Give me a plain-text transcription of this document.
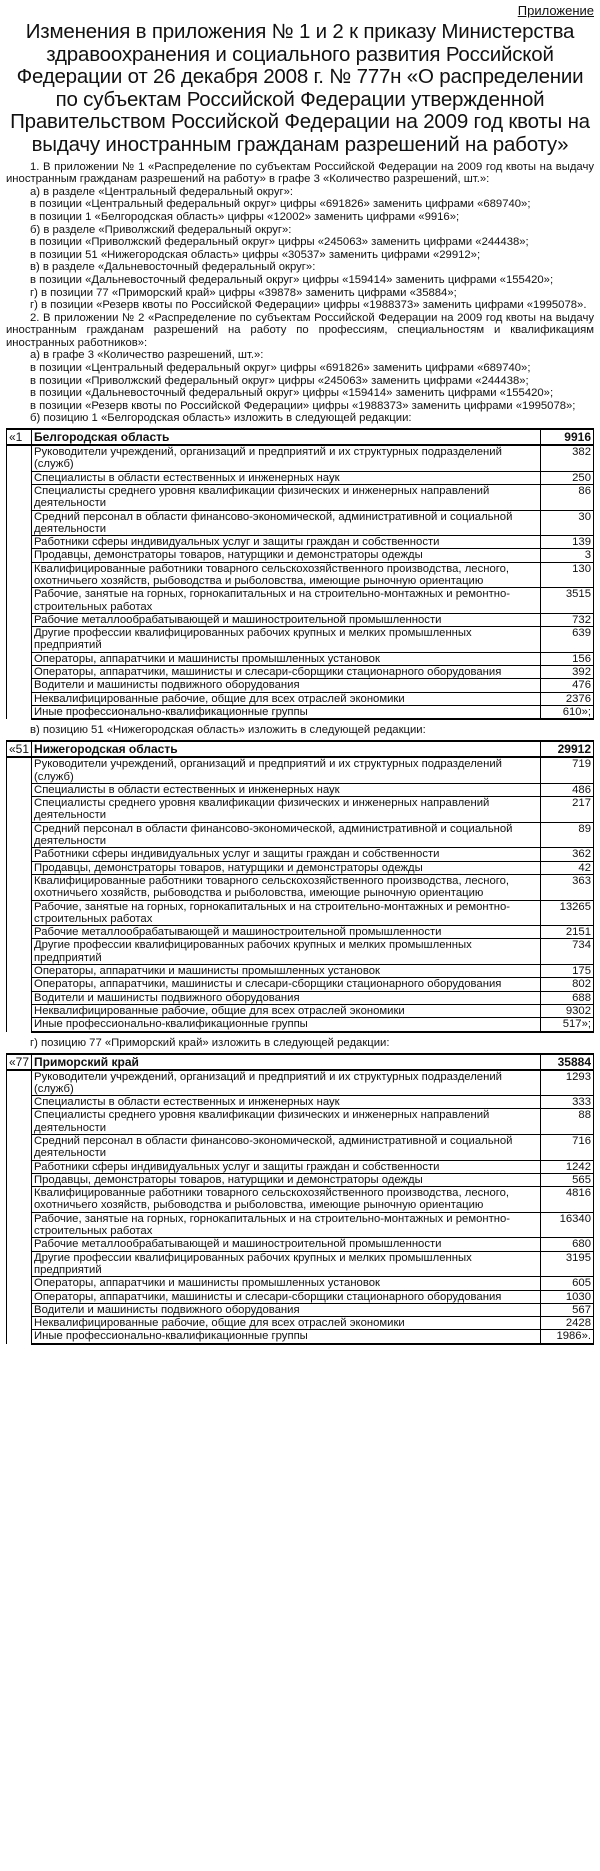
Приложение
Изменения в приложения № 1 и 2 к приказу Министерства здравоохранения и социального развития Российской Федерации от 26 декабря 2008 г. № 777н «О распределении по субъектам Российской Федерации утвержденной Правительством Российской Федерации на 2009 год квоты на выдачу иностранным гражданам разрешений на работу»

1. В приложении № 1 «Распределение по субъектам Российской Федерации на 2009 год квоты на выдачу иностранным гражданам разрешений на работу» в графе 3 «Количество разрешений, шт.»:

а) в разделе «Центральный федеральный округ»:

в позиции «Центральный федеральный округ» цифры «691826» заменить цифрами «689740»;

в позиции 1 «Белгородская область» цифры «12002» заменить цифрами «9916»;

б) в разделе «Приволжский федеральный округ»:

в позиции «Приволжский федеральный округ» цифры «245063» заменить цифрами «244438»;

в позиции 51 «Нижегородская область» цифры «30537» заменить цифрами «29912»;

в) в разделе «Дальневосточный федеральный округ»:

в позиции «Дальневосточный федеральный округ» цифры «159414» заменить цифрами «155420»;

г) в позиции 77 «Приморский край» цифры «39878» заменить цифрами «35884»;

г) в позиции «Резерв квоты по Российской Федерации» цифры «1988373» заменить цифрами «1995078».

2. В приложении № 2 «Распределение по субъектам Российской Федерации на 2009 год квоты на выдачу иностранным гражданам разрешений на работу по профессиям, специальностям и квалификациям иностранных работников»:

а) в графе 3 «Количество разрешений, шт.»:

в позиции «Центральный федеральный округ» цифры «691826» заменить цифрами «689740»;

в позиции «Приволжский федеральный округ» цифры «245063» заменить цифрами «244438»;

в позиции «Дальневосточный федеральный округ» цифры «159414» заменить цифрами «155420»;

в позиции «Резерв квоты по Российской Федерации» цифры «1988373» заменить цифрами «1995078»;

б) позицию 1 «Белгородская область» изложить в следующей редакции:

«1	Белгородская область	9916
	Руководители учреждений, организаций и предприятий и их структурных подразделений (служб)	382
	Специалисты в области естественных и инженерных наук	250
	Специалисты среднего уровня квалификации физических и инженерных направлений деятельности	86
	Средний персонал в области финансово-экономической, административной и социальной деятельности	30
	Работники сферы индивидуальных услуг и защиты граждан и собственности	139
	Продавцы, демонстраторы товаров, натурщики и демонстраторы одежды	3
	Квалифицированные работники товарного сельскохозяйственного производства, лесного, охотничьего хозяйств, рыбоводства и рыболовства, имеющие рыночную ориентацию	130
	Рабочие, занятые на горных, горнокапитальных и на строительно-монтажных и ремонтно-строительных работах	3515
	Рабочие металлообрабатывающей и машиностроительной промышленности	732
	Другие профессии квалифицированных рабочих крупных и мелких промышленных предприятий	639
	Операторы, аппаратчики и машинисты промышленных установок	156
	Операторы, аппаратчики, машинисты и слесари-сборщики стационарного оборудования	392
	Водители и машинисты подвижного оборудования	476
	Неквалифицированные рабочие, общие для всех отраслей экономики	2376
	Иные профессионально-квалификационные группы	610»;

в) позицию 51 «Нижегородская область» изложить в следующей редакции:

«51	Нижегородская область	29912
	Руководители учреждений, организаций и предприятий и их структурных подразделений (служб)	719
	Специалисты в области естественных и инженерных наук	486
	Специалисты среднего уровня квалификации физических и инженерных направлений деятельности	217
	Средний персонал в области финансово-экономической, административной и социальной деятельности	89
	Работники сферы индивидуальных услуг и защиты граждан и собственности	362
	Продавцы, демонстраторы товаров, натурщики и демонстраторы одежды	42
	Квалифицированные работники товарного сельскохозяйственного производства, лесного, охотничьего хозяйств, рыбоводства и рыболовства, имеющие рыночную ориентацию	363
	Рабочие, занятые на горных, горнокапитальных и на строительно-монтажных и ремонтно-строительных работах	13265
	Рабочие металлообрабатывающей и машиностроительной промышленности	2151
	Другие профессии квалифицированных рабочих крупных и мелких промышленных предприятий	734
	Операторы, аппаратчики и машинисты промышленных установок	175
	Операторы, аппаратчики, машинисты и слесари-сборщики стационарного оборудования	802
	Водители и машинисты подвижного оборудования	688
	Неквалифицированные рабочие, общие для всех отраслей экономики	9302
	Иные профессионально-квалификационные группы	517»;

г) позицию 77 «Приморский край» изложить в следующей редакции:

«77	Приморский край	35884
	Руководители учреждений, организаций и предприятий и их структурных подразделений (служб)	1293
	Специалисты в области естественных и инженерных наук	333
	Специалисты среднего уровня квалификации физических и инженерных направлений деятельности	88
	Средний персонал в области финансово-экономической, административной и социальной деятельности	716
	Работники сферы индивидуальных услуг и защиты граждан и собственности	1242
	Продавцы, демонстраторы товаров, натурщики и демонстраторы одежды	565
	Квалифицированные работники товарного сельскохозяйственного производства, лесного, охотничьего хозяйств, рыбоводства и рыболовства, имеющие рыночную ориентацию	4816
	Рабочие, занятые на горных, горнокапитальных и на строительно-монтажных и ремонтно-строительных работах	16340
	Рабочие металлообрабатывающей и машиностроительной промышленности	680
	Другие профессии квалифицированных рабочих крупных и мелких промышленных предприятий	3195
	Операторы, аппаратчики и машинисты промышленных установок	605
	Операторы, аппаратчики, машинисты и слесари-сборщики стационарного оборудования	1030
	Водители и машинисты подвижного оборудования	567
	Неквалифицированные рабочие, общие для всех отраслей экономики	2428
	Иные профессионально-квалификационные группы	1986».
